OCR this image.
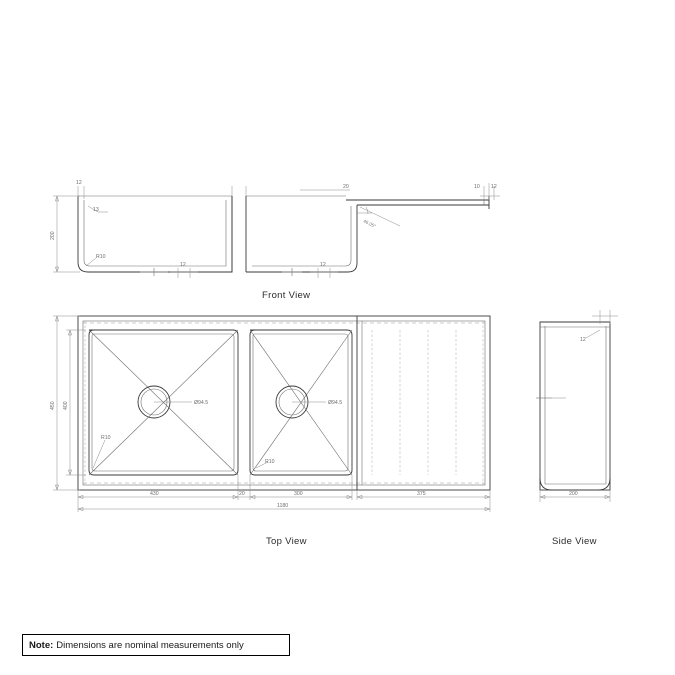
200
12
13
R10
12	12
20	10 12
46.05°
R10
R10
Ø94.5	Ø94.5
450 400
430	20	300	375
1180
12
200
Front View
Top View	Side View
Note: Dimensions are nominal measurements only
